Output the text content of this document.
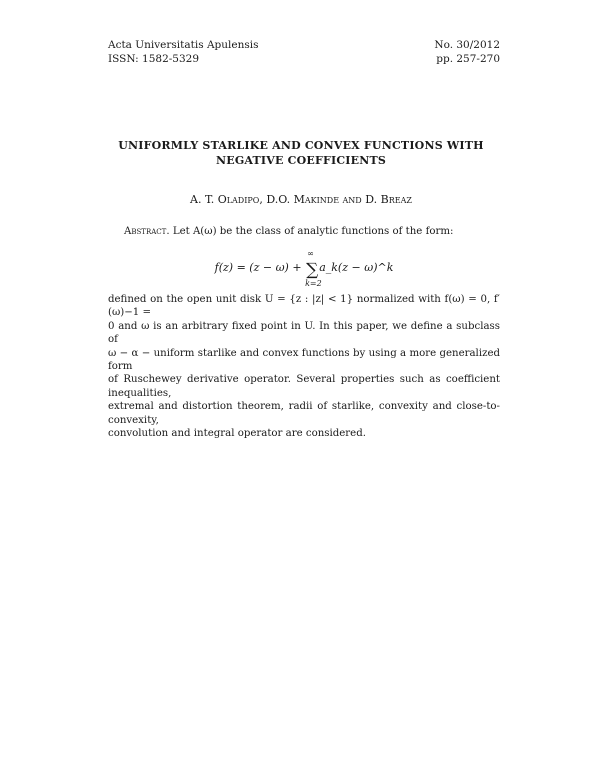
Acta Universitatis Apulensis
ISSN: 1582-5329
No. 30/2012
pp. 257-270
UNIFORMLY STARLIKE AND CONVEX FUNCTIONS WITH
NEGATIVE COEFFICIENTS
A. T. Oladipo, D.O. Makinde and D. Breaz

Abstract. Let A(ω) be the class of analytic functions of the form:

f(z) = (z − ω) + ∑
∞
k=2
a_k(z − ω)^k

defined on the open unit disk U = {z : |z| < 1} normalized with f(ω) = 0, f′(ω)−1 =

0 and ω is an arbitrary fixed point in U. In this paper, we define a subclass of

ω − α − uniform starlike and convex functions by using a more generalized form

of Ruschewey derivative operator. Several properties such as coefficient inequalities,

extremal and distortion theorem, radii of starlike, convexity and close-to-convexity,

convolution and integral operator are considered.
